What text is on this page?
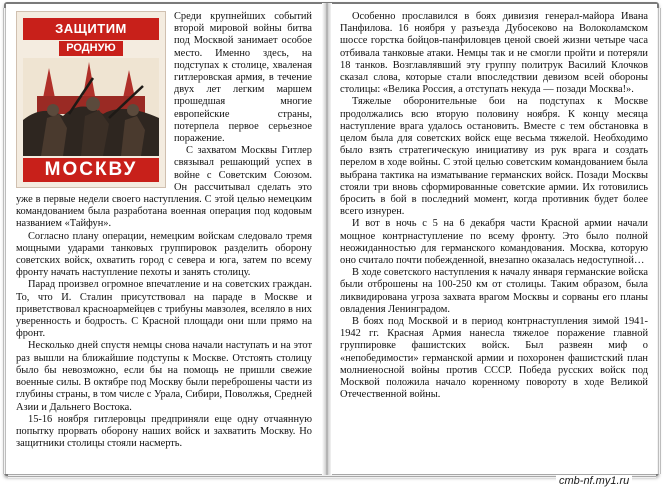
ЗАЩИТИМ
РОДНУЮ
МОСКВУ
Среди крупнейших событий второй мировой войны битва под Москвой занимает особое место. Именно здесь, на подступах к столице, хваленая гитлеровская армия, в течение двух лет легким маршем прошедшая многие европейские страны, потерпела первое серьезное поражение.

С захватом Москвы Гитлер связывал решающий успех в войне с Советским Союзом. Он рассчитывал сделать это уже в первые недели своего наступления. С этой целью немецким командованием была разработана военная операция под кодовым названием «Тайфун».

Согласно плану операции, немецким войскам следовало тремя мощными ударами танковых группировок разделить оборону советских войск, охватить город с севера и юга, затем по всему фронту начать наступление пехоты и занять столицу.

Парад произвел огромное впечатление и на советских граждан. То, что И. Сталин присутствовал на параде в Москве и приветствовал красноармейцев с трибуны мавзолея, вселяло в них уверенность и бодрость. С Красной площади они шли прямо на фронт.

Несколько дней спустя немцы снова начали наступать и на этот раз вышли на ближайшие подступы к Москве. Отстоять столицу было бы невозможно, если бы на помощь не пришли свежие военные силы. В октябре под Москву были переброшены части из глубины страны, в том числе с Урала, Сибири, Поволжья, Средней Азии и Дальнего Востока.

15-16 ноября гитлеровцы предприняли еще одну отчаянную попытку прорвать оборону наших войск и захватить Москву. Но защитники столицы стояли насмерть.

Особенно прославился в боях дивизия генерал-майора Ивана Панфилова. 16 ноября у разъезда Дубосеково на Волоколамском шоссе горстка бойцов-панфиловцев ценой своей жизни четыре часа отбивала танковые атаки. Немцы так и не смогли пройти и потеряли 18 танков. Возглавлявший эту группу политрук Василий Клочков сказал слова, которые стали впоследствии девизом всей обороны столицы: «Велика Россия, а отступать некуда — позади Москва!».

Тяжелые оборонительные бои на подступах к Москве продолжались всю вторую половину ноября. К концу месяца наступление врага удалось остановить. Вместе с тем обстановка в целом была для советских войск еще весьма тяжелой. Необходимо было взять стратегическую инициативу из рук врага и создать перелом в ходе войны. С этой целью советским командованием была выбрана тактика на изматывание германских войск. Позади Москвы стояли три вновь сформированные советские армии. Их готовились бросить в бой в последний момент, когда противник будет более всего изнурен.

И вот в ночь с 5 на 6 декабря части Красной армии начали мощное контрнаступление по всему фронту. Это было полной неожиданностью для германского командования. Москва, которую оно считало почти побежденной, внезапно оказалась недоступной…

В ходе советского наступления к началу января германские войска были отброшены на 100-250 км от столицы. Таким образом, была ликвидирована угроза захвата врагом Москвы и сорваны его планы овладения Ленинградом.

В боях под Москвой и в период контрнаступления зимой 1941-1942 гг. Красная Армия нанесла тяжелое поражение главной группировке фашистских войск. Был развеян миф о «непобедимости» германской армии и похоронен фашистский план молниеносной войны против СССР. Победа русских войск под Москвой положила начало коренному повороту в ходе Великой Отечественной войны.

cmb-nf.my1.ru
